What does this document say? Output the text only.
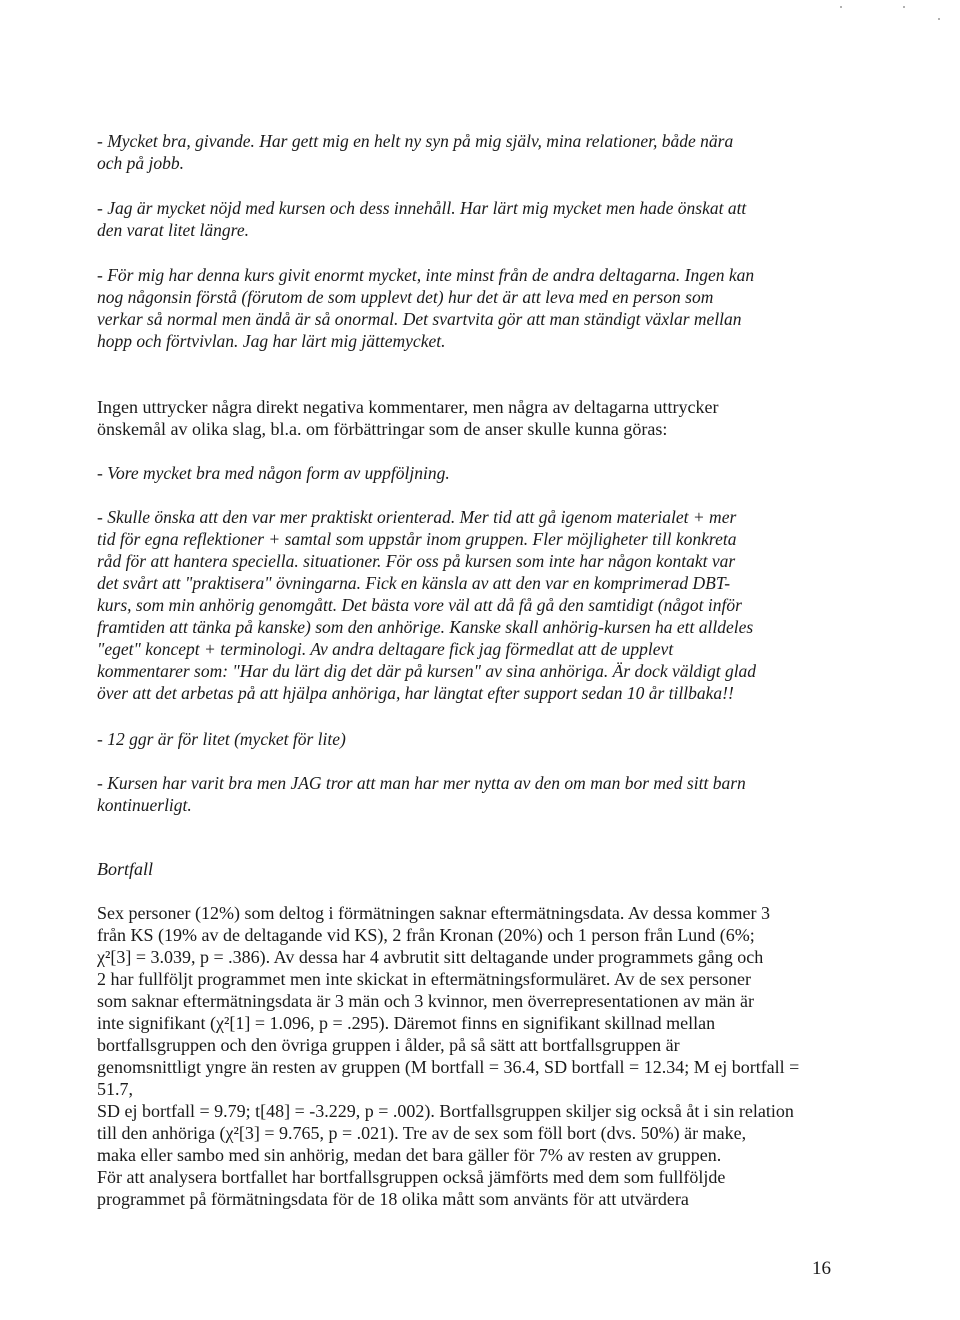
- Mycket bra, givande. Har gett mig en helt ny syn på mig själv, mina relationer, både nära

och på jobb.

- Jag är mycket nöjd med kursen och dess innehåll. Har lärt mig mycket men hade önskat att

den varat litet längre.

- För mig har denna kurs givit enormt mycket, inte minst från de andra deltagarna. Ingen kan

nog någonsin förstå (förutom de som upplevt det) hur det är att leva med en person som

verkar så normal men ändå är så onormal. Det svartvita gör att man ständigt växlar mellan

hopp och förtvivlan. Jag har lärt mig jättemycket.

Ingen uttrycker några direkt negativa kommentarer, men några av deltagarna uttrycker

önskemål av olika slag, bl.a. om förbättringar som de anser skulle kunna göras:

- Vore mycket bra med någon form av uppföljning.

- Skulle önska att den var mer praktiskt orienterad. Mer tid att gå igenom materialet + mer

tid för egna reflektioner + samtal som uppstår inom gruppen. Fler möjligheter till konkreta

råd för att hantera speciella. situationer. För oss på kursen som inte har någon kontakt var

det svårt att "praktisera" övningarna. Fick en känsla av att den var en komprimerad DBT-

kurs, som min anhörig genomgått. Det bästa vore väl att då få gå den samtidigt (något inför

framtiden att tänka på kanske) som den anhörige. Kanske skall anhörig-kursen ha ett alldeles

"eget" koncept + terminologi. Av andra deltagare fick jag förmedlat att de upplevt

kommentarer som: "Har du lärt dig det där på kursen" av sina anhöriga. Är dock väldigt glad

över att det arbetas på att hjälpa anhöriga, har längtat efter support sedan 10 år tillbaka!!

- 12 ggr är för litet (mycket för lite)

- Kursen har varit bra men JAG tror att man har mer nytta av den om man bor med sitt barn

kontinuerligt.

Bortfall

Sex personer (12%) som deltog i förmätningen saknar eftermätningsdata. Av dessa kommer 3

från KS (19% av de deltagande vid KS), 2 från Kronan (20%) och 1 person från Lund (6%;

χ²[3] = 3.039, p = .386). Av dessa har 4 avbrutit sitt deltagande under programmets gång och

2 har fullföljt programmet men inte skickat in eftermätningsformuläret. Av de sex personer

som saknar eftermätningsdata är 3 män och 3 kvinnor, men överrepresentationen av män är

inte signifikant (χ²[1] = 1.096, p = .295). Däremot finns en signifikant skillnad mellan

bortfallsgruppen och den övriga gruppen i ålder, på så sätt att bortfallsgruppen är

genomsnittligt yngre än resten av gruppen (M bortfall = 36.4, SD bortfall = 12.34; M ej bortfall = 51.7,

SD ej bortfall = 9.79; t[48] = -3.229, p = .002). Bortfallsgruppen skiljer sig också åt i sin relation

till den anhöriga (χ²[3] = 9.765, p = .021). Tre av de sex som föll bort (dvs. 50%) är make,

maka eller sambo med sin anhörig, medan det bara gäller för 7% av resten av gruppen.

För att analysera bortfallet har bortfallsgruppen också jämförts med dem som fullföljde

programmet på förmätningsdata för de 18 olika mått som använts för att utvärdera

16
